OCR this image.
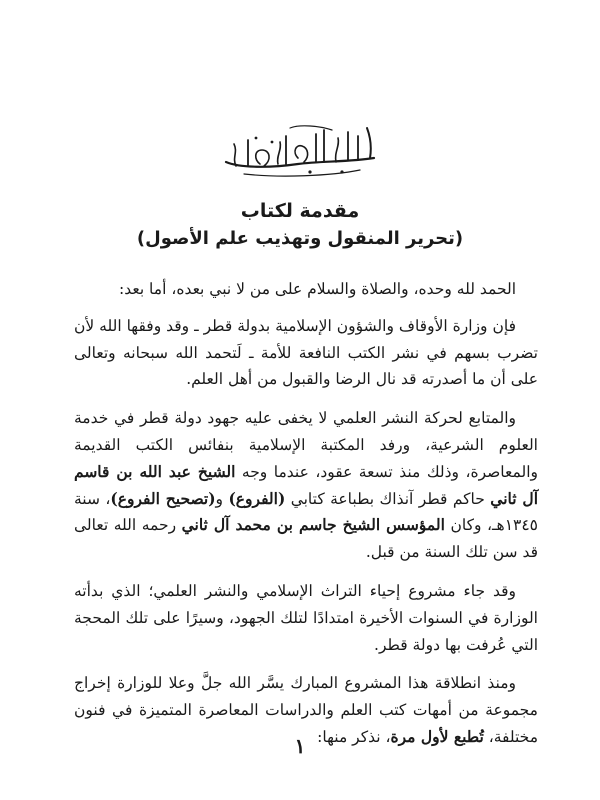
مقدمة لكتاب
(تحرير المنقول وتهذيب علم الأصول)

الحمد لله وحده، والصلاة والسلام على من لا نبي بعده، أما بعد:

فإن وزارة الأوقاف والشؤون الإسلامية بدولة قطر ـ وقد وفقها الله لأن تضرب بسهم في نشر الكتب النافعة للأمة ـ لَتحمد الله سبحانه وتعالى على أن ما أصدرته قد نال الرضا والقبول من أهل العلم.

والمتابع لحركة النشر العلمي لا يخفى عليه جهود دولة قطر في خدمة العلوم الشرعية، ورفد المكتبة الإسلامية بنفائس الكتب القديمة والمعاصرة، وذلك منذ تسعة عقود، عندما وجه الشيخ عبد الله بن قاسم آل ثاني حاكم قطر آنذاك بطباعة كتابي (الفروع) و(تصحيح الفروع)، سنة ١٣٤٥هـ، وكان المؤسس الشيخ جاسم بن محمد آل ثاني رحمه الله تعالى قد سن تلك السنة من قبل.

وقد جاء مشروع إحياء التراث الإسلامي والنشر العلمي؛ الذي بدأته الوزارة في السنوات الأخيرة امتدادًا لتلك الجهود، وسيرًا على تلك المحجة التي عُرفت بها دولة قطر.

ومنذ انطلاقة هذا المشروع المبارك يسَّر الله جلَّ وعلا للوزارة إخراج مجموعة من أمهات كتب العلم والدراسات المعاصرة المتميزة في فنون مختلفة، تُطبع لأول مرة، نذكر منها:

١
